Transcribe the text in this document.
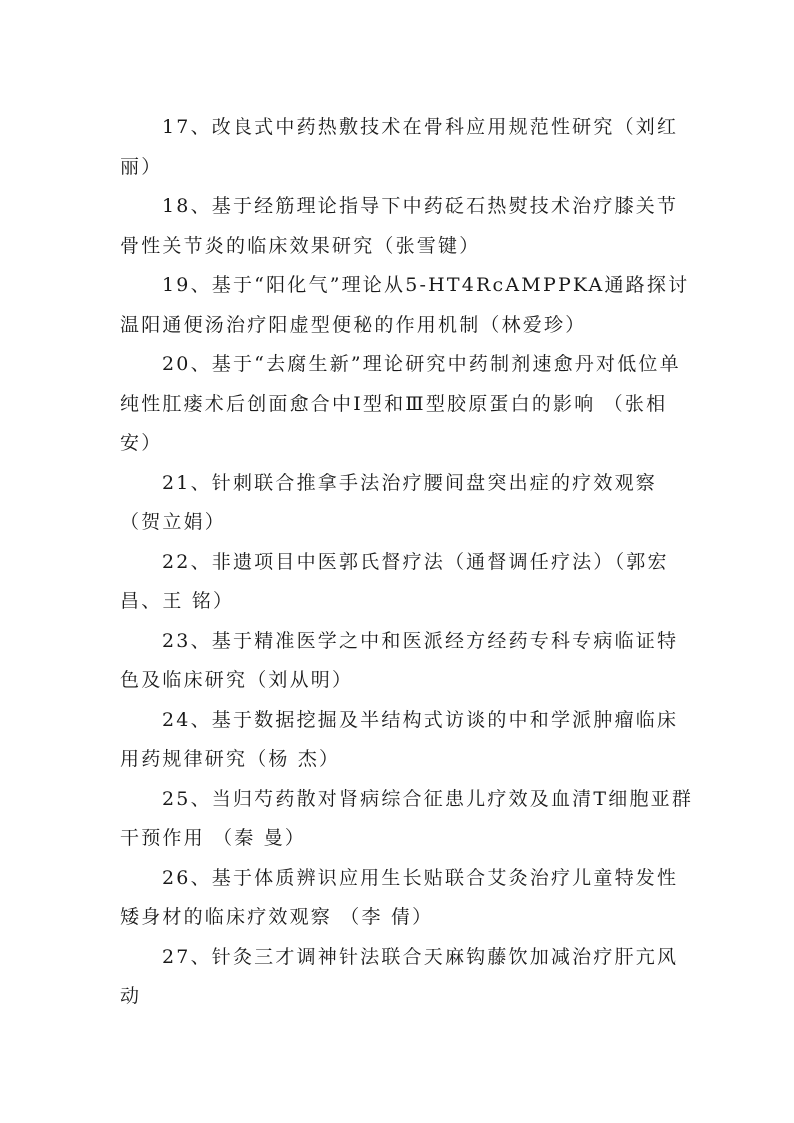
17、改良式中药热敷技术在骨科应用规范性研究（刘红丽）

18、基于经筋理论指导下中药砭石热熨技术治疗膝关节骨性关节炎的临床效果研究（张雪键）

19、基于“阳化气”理论从5-HT4RcAMPPKA通路探讨温阳通便汤治疗阳虚型便秘的作用机制（林爱珍）

20、基于“去腐生新”理论研究中药制剂速愈丹对低位单纯性肛瘘术后创面愈合中Ⅰ型和Ⅲ型胶原蛋白的影响 （张相安）

21、针刺联合推拿手法治疗腰间盘突出症的疗效观察（贺立娟）

22、非遗项目中医郭氏督疗法（通督调任疗法）（郭宏昌、王 铭）

23、基于精准医学之中和医派经方经药专科专病临证特色及临床研究（刘从明）

24、基于数据挖掘及半结构式访谈的中和学派肿瘤临床用药规律研究（杨 杰）

25、当归芍药散对肾病综合征患儿疗效及血清T细胞亚群干预作用 （秦 曼）

26、基于体质辨识应用生长贴联合艾灸治疗儿童特发性矮身材的临床疗效观察 （李 倩）

27、针灸三才调神针法联合天麻钩藤饮加减治疗肝亢风动
